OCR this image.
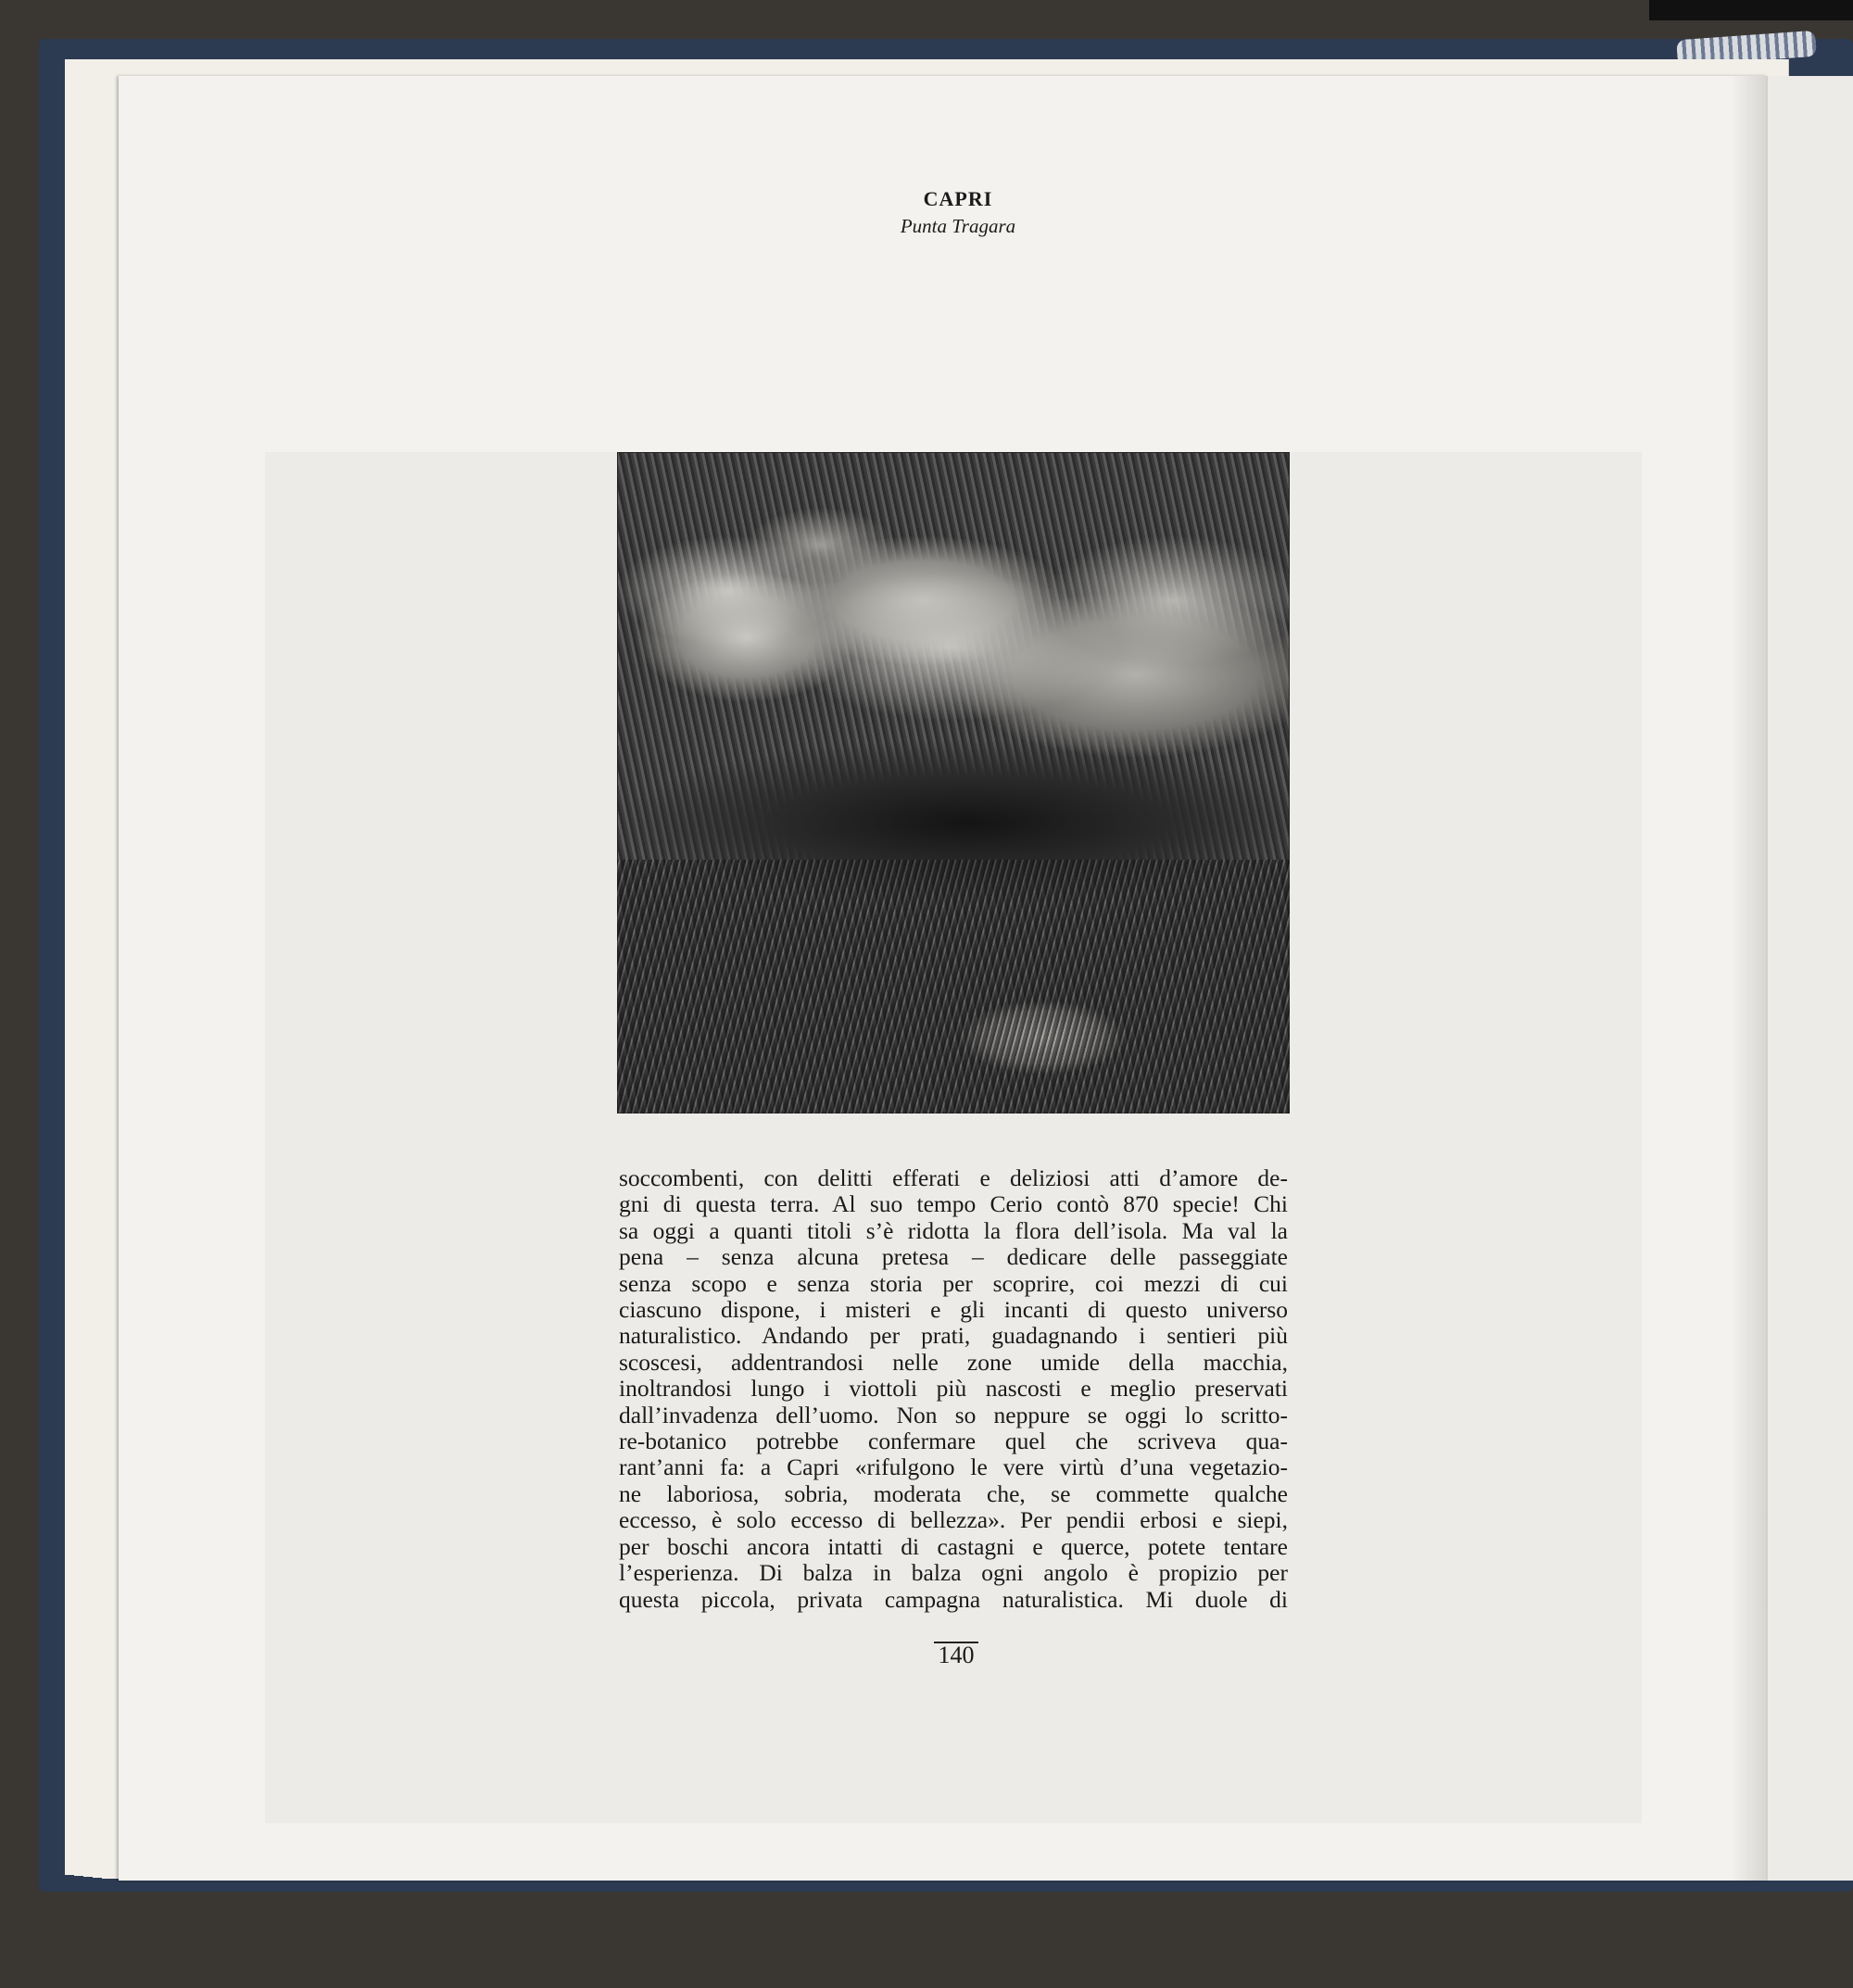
CAPRI
Punta Tragara
soccombenti, con delitti efferati e deliziosi atti d’amore de-
gni di questa terra. Al suo tempo Cerio contò 870 specie! Chi
sa oggi a quanti titoli s’è ridotta la flora dell’isola. Ma val la
pena – senza alcuna pretesa – dedicare delle passeggiate
senza scopo e senza storia per scoprire, coi mezzi di cui
ciascuno dispone, i misteri e gli incanti di questo universo
naturalistico. Andando per prati, guadagnando i sentieri più
scoscesi, addentrandosi nelle zone umide della macchia,
inoltrandosi lungo i viottoli più nascosti e meglio preservati
dall’invadenza dell’uomo. Non so neppure se oggi lo scritto-
re-botanico potrebbe confermare quel che scriveva qua-
rant’anni fa: a Capri «rifulgono le vere virtù d’una vegetazio-
ne laboriosa, sobria, moderata che, se commette qualche
eccesso, è solo eccesso di bellezza». Per pendii erbosi e siepi,
per boschi ancora intatti di castagni e querce, potete tentare
l’esperienza. Di balza in balza ogni angolo è propizio per
questa piccola, privata campagna naturalistica. Mi duole di
140
